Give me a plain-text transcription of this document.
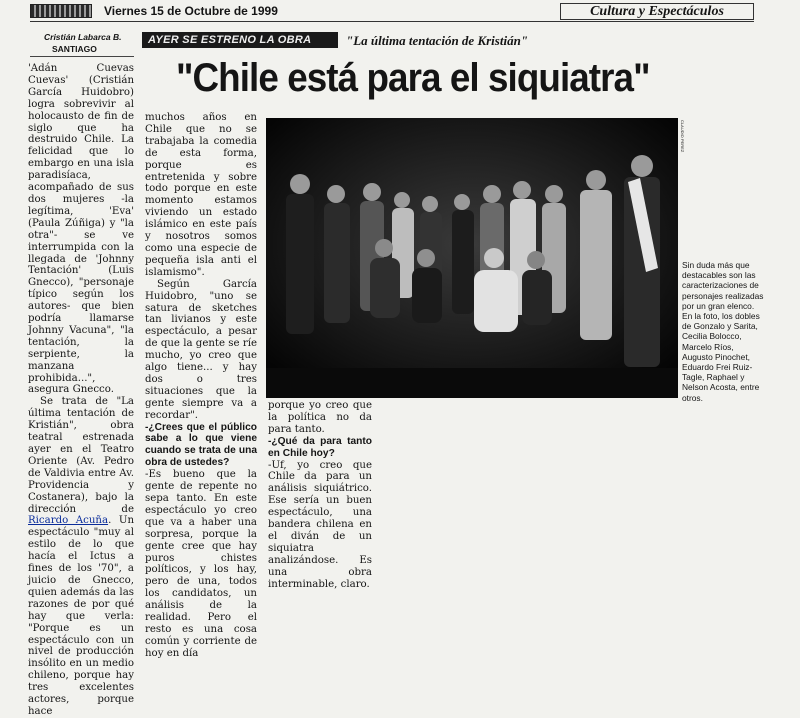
Viernes 15 de Octubre de 1999	Cultura y Espectáculos
Cristián Labarca B.
SANTIAGO
AYER SE ESTRENO LA OBRA	"La última tentación de Kristián"
"Chile está para el siquiatra"

'Adán Cuevas Cuevas' (Cristián García Huidobro) logra sobrevivir al holocausto de fin de siglo que ha destruido Chile. La felicidad que lo embargo en una isla paradisíaca, acompañado de sus dos mujeres -la legítima, 'Eva' (Paula Zúñiga) y "la otra"- se ve interrumpida con la llegada de 'Johnny Tentación' (Luis Gnecco), "personaje típico según los autores- que bien podría llamarse Johnny Vacuna", "la tentación, la serpiente, la manzana prohibida...", asegura Gnecco.

Se trata de "La última tentación de Kristián", obra teatral estrenada ayer en el Teatro Oriente (Av. Pedro de Valdivia entre Av. Providencia y Costanera), bajo la dirección de Ricardo Acuña. Un espectáculo "muy al estilo de lo que hacía el Ictus a fines de los '70", a juicio de Gnecco, quien además da las razones de por qué hay que verla: "Porque es un espectáculo con un nivel de producción insólito en un medio chileno, porque hay tres excelentes actores, porque hace

muchos años en Chile que no se trabajaba la comedia de esta forma, porque es entretenida y sobre todo porque en este momento estamos viviendo un estado islámico en este país y nosotros somos como una especie de pequeña isla anti el islamismo".

Según García Huidobro, "uno se satura de sketches tan livianos y este espectáculo, a pesar de que la gente se ríe mucho, yo creo que algo tiene... y hay dos o tres situaciones que la gente siempre va a recordar".

-¿Crees que el público sabe a lo que viene cuando se trata de una obra de ustedes?

-Es bueno que la gente de repente no sepa tanto. En este espectáculo yo creo que va a haber una sorpresa, porque la gente cree que hay puros chistes políticos, y los hay, pero de una, todos los candidatos, un análisis de la realidad. Pero el resto es una cosa común y corriente de hoy en día

porque yo creo que la política no da para tanto.

-¿Qué da para tanto en Chile hoy?

-Uf, yo creo que Chile da para un análisis siquiátrico. Ese sería un buen espectáculo, una bandera chilena en el diván de un siquiatra analizándose. Es una obra interminable, claro.

CLAUDIO PEREZ
Sin duda más que destacables son las caracterizaciones de personajes realizadas por un gran elenco. En la foto, los dobles de Gonzalo y Sarita, Cecilia Bolocco, Marcelo Ríos, Augusto Pinochet, Eduardo Frei Ruiz-Tagle, Raphael y Nelson Acosta, entre otros.
